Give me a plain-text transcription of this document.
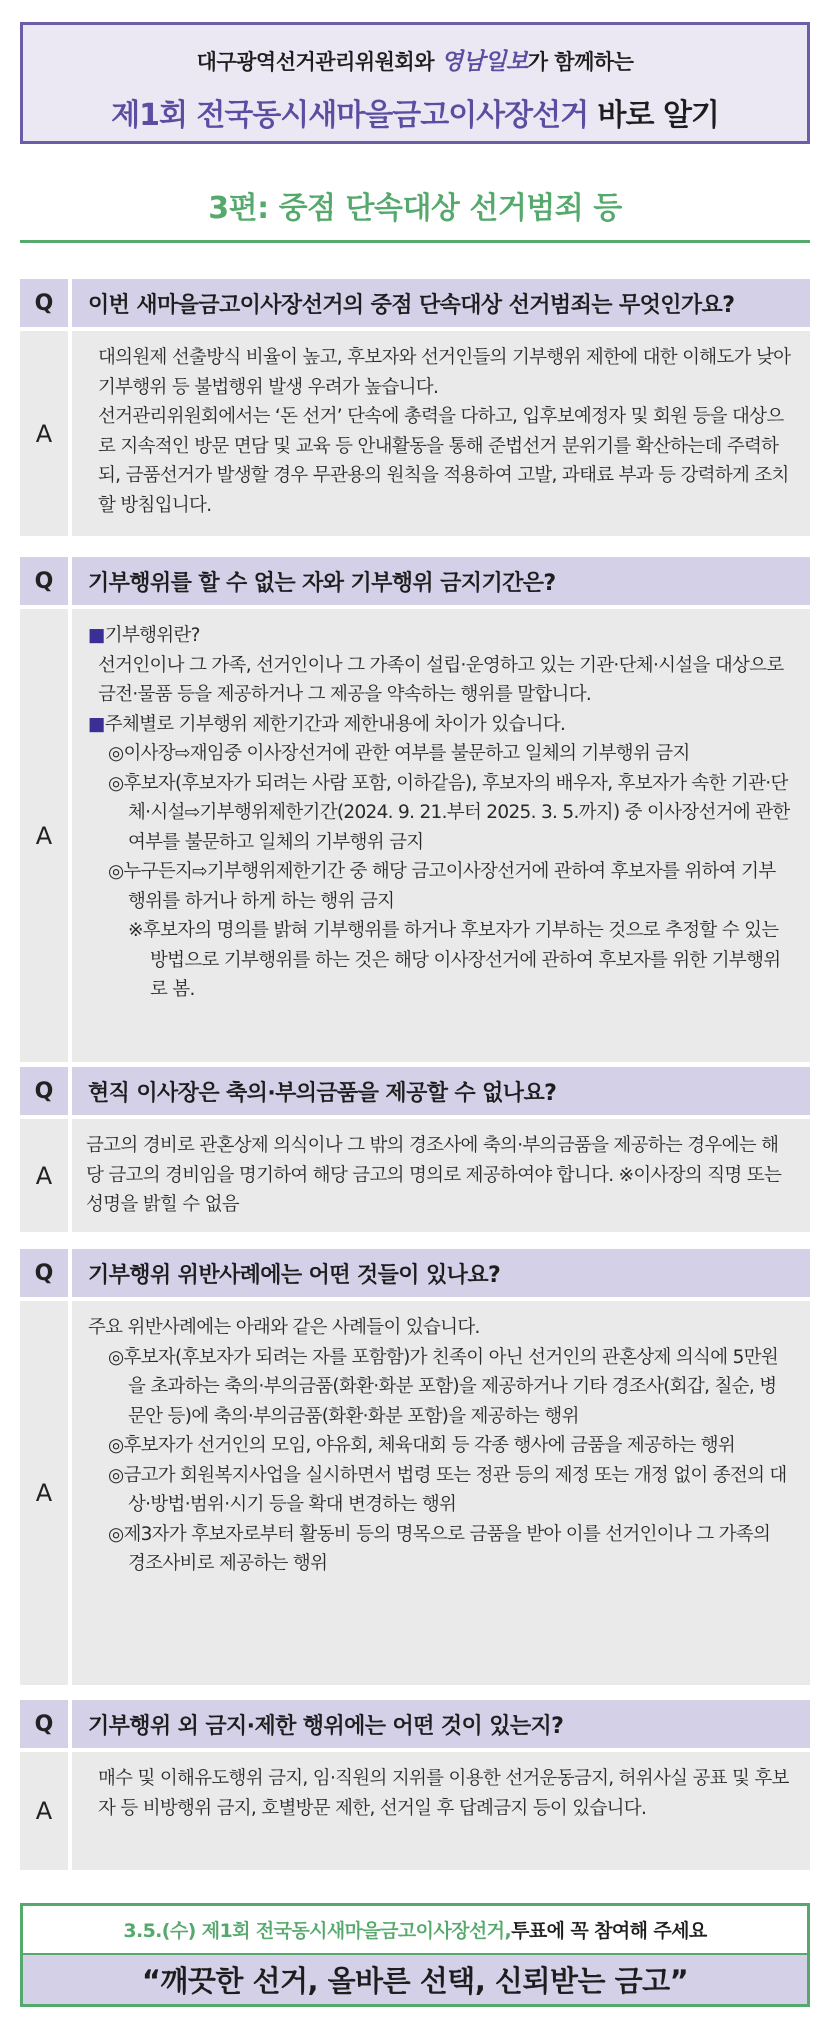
대구광역선거관리위원회와 영남일보가 함께하는
제1회 전국동시새마을금고이사장선거 바로 알기
3편: 중점 단속대상 선거범죄 등
Q	이번 새마을금고이사장선거의 중점 단속대상 선거범죄는 무엇인가요?
A

대의원제 선출방식 비율이 높고, 후보자와 선거인들의 기부행위 제한에 대한 이해도가 낮아 기부행위 등 불법행위 발생 우려가 높습니다.

선거관리위원회에서는 ‘돈 선거’ 단속에 총력을 다하고, 입후보예정자 및 회원 등을 대상으로 지속적인 방문 면담 및 교육 등 안내활동을 통해 준법선거 분위기를 확산하는데 주력하되, 금품선거가 발생할 경우 무관용의 원칙을 적용하여 고발, 과태료 부과 등 강력하게 조치할 방침입니다.

Q	기부행위를 할 수 없는 자와 기부행위 금지기간은?
A

■기부행위란?

선거인이나 그 가족, 선거인이나 그 가족이 설립·운영하고 있는 기관·단체·시설을 대상으로 금전·물품 등을 제공하거나 그 제공을 약속하는 행위를 말합니다.

■주체별로 기부행위 제한기간과 제한내용에 차이가 있습니다.

◎이사장⇨재임중 이사장선거에 관한 여부를 불문하고 일체의 기부행위 금지

◎후보자(후보자가 되려는 사람 포함, 이하같음), 후보자의 배우자, 후보자가 속한 기관·단체·시설⇨기부행위제한기간(2024. 9. 21.부터 2025. 3. 5.까지) 중 이사장선거에 관한 여부를 불문하고 일체의 기부행위 금지

◎누구든지⇨기부행위제한기간 중 해당 금고이사장선거에 관하여 후보자를 위하여 기부행위를 하거나 하게 하는 행위 금지

※후보자의 명의를 밝혀 기부행위를 하거나 후보자가 기부하는 것으로 추정할 수 있는 방법으로 기부행위를 하는 것은 해당 이사장선거에 관하여 후보자를 위한 기부행위로 봄.

Q	현직 이사장은 축의·부의금품을 제공할 수 없나요?
A

금고의 경비로 관혼상제 의식이나 그 밖의 경조사에 축의·부의금품을 제공하는 경우에는 해당 금고의 경비임을 명기하여 해당 금고의 명의로 제공하여야 합니다. ※이사장의 직명 또는 성명을 밝힐 수 없음

Q	기부행위 위반사례에는 어떤 것들이 있나요?
A

주요 위반사례에는 아래와 같은 사례들이 있습니다.

◎후보자(후보자가 되려는 자를 포함함)가 친족이 아닌 선거인의 관혼상제 의식에 5만원을 초과하는 축의·부의금품(화환·화분 포함)을 제공하거나 기타 경조사(회갑, 칠순, 병문안 등)에 축의·부의금품(화환·화분 포함)을 제공하는 행위

◎후보자가 선거인의 모임, 야유회, 체육대회 등 각종 행사에 금품을 제공하는 행위

◎금고가 회원복지사업을 실시하면서 법령 또는 정관 등의 제정 또는 개정 없이 종전의 대상·방법·범위·시기 등을 확대 변경하는 행위

◎제3자가 후보자로부터 활동비 등의 명목으로 금품을 받아 이를 선거인이나 그 가족의 경조사비로 제공하는 행위

Q	기부행위 외 금지·제한 행위에는 어떤 것이 있는지?
A

매수 및 이해유도행위 금지, 임·직원의 지위를 이용한 선거운동금지, 허위사실 공표 및 후보자 등 비방행위 금지, 호별방문 제한, 선거일 후 답례금지 등이 있습니다.

3.5.(수) 제1회 전국동시새마을금고이사장선거, 투표에 꼭 참여해 주세요
“깨끗한 선거, 올바른 선택, 신뢰받는 금고”
